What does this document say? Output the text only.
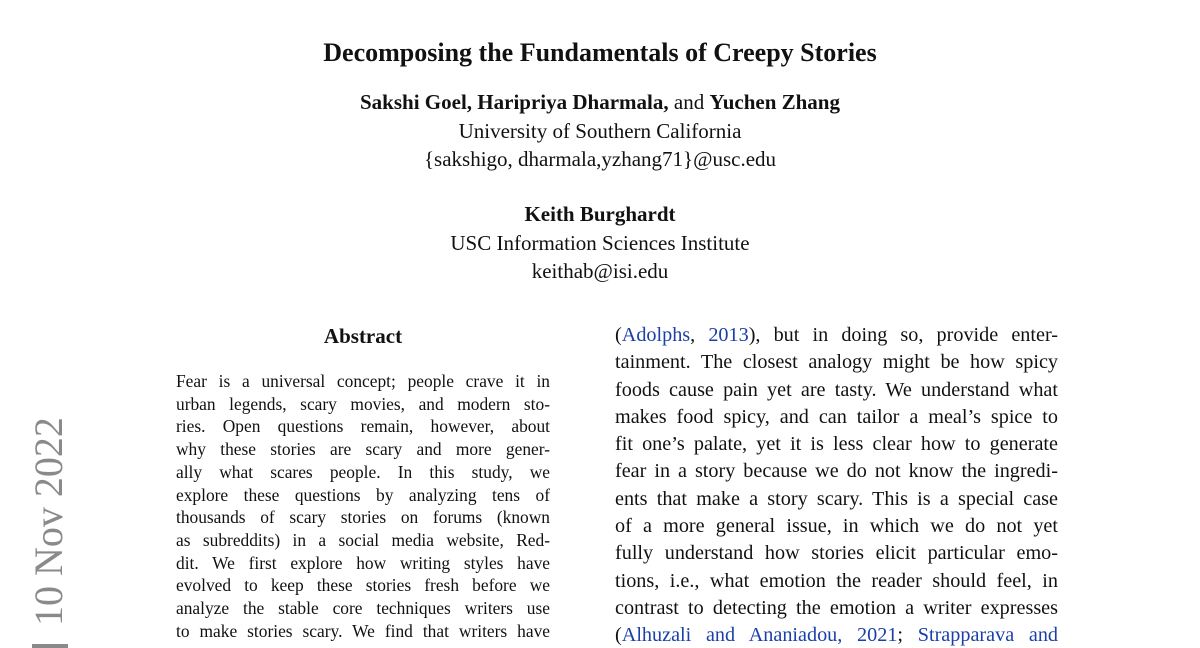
Decomposing the Fundamentals of Creepy Stories
Sakshi Goel, Haripriya Dharmala, and Yuchen Zhang
University of Southern California
{sakshigo, dharmala,yzhang71}@usc.edu
Keith Burghardt
USC Information Sciences Institute
keithab@isi.edu
10 Nov 2022
Abstract
Fear is a universal concept; people crave it in
urban legends, scary movies, and modern sto-
ries. Open questions remain, however, about
why these stories are scary and more gener-
ally what scares people. In this study, we
explore these questions by analyzing tens of
thousands of scary stories on forums (known
as subreddits) in a social media website, Red-
dit. We first explore how writing styles have
evolved to keep these stories fresh before we
analyze the stable core techniques writers use
to make stories scary. We find that writers have
(Adolphs, 2013), but in doing so, provide enter-
tainment. The closest analogy might be how spicy
foods cause pain yet are tasty. We understand what
makes food spicy, and can tailor a meal’s spice to
fit one’s palate, yet it is less clear how to generate
fear in a story because we do not know the ingredi-
ents that make a story scary. This is a special case
of a more general issue, in which we do not yet
fully understand how stories elicit particular emo-
tions, i.e., what emotion the reader should feel, in
contrast to detecting the emotion a writer expresses
(Alhuzali and Ananiadou, 2021; Strapparava and
